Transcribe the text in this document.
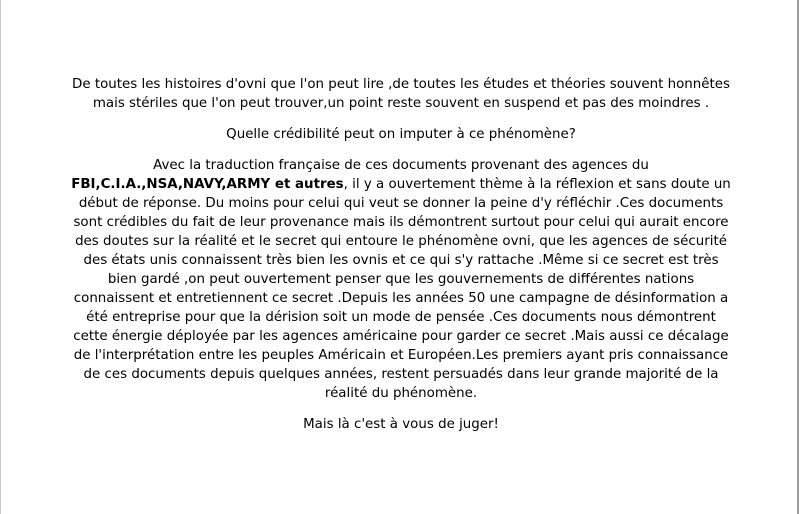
De toutes les histoires d'ovni que l'on peut lire ,de toutes les études et théories souvent honnêtes mais stériles que l'on peut trouver,un point reste souvent en suspend et pas des moindres .

Quelle crédibilité peut on imputer à ce phénomène?

Avec la traduction française de ces documents provenant des agences du
FBI,C.I.A.,NSA,NAVY,ARMY et autres, il y a ouvertement thème à la réflexion et sans doute un début de réponse. Du moins pour celui qui veut se donner la peine d'y réfléchir .Ces documents sont crédibles du fait de leur provenance mais ils démontrent surtout pour celui qui aurait encore des doutes sur la réalité et le secret qui entoure le phénomène ovni, que les agences de sécurité des états unis connaissent très bien les ovnis et ce qui s'y rattache .Même si ce secret est très bien gardé ,on peut ouvertement penser que les gouvernements de différentes nations connaissent et entretiennent ce secret .Depuis les années 50 une campagne de désinformation a été entreprise pour que la dérision soit un mode de pensée .Ces documents nous démontrent cette énergie déployée par les agences américaine pour garder ce secret .Mais aussi ce décalage de l'interprétation entre les peuples Américain et Européen.Les premiers ayant pris connaissance de ces documents depuis quelques années, restent persuadés dans leur grande majorité de la réalité du phénomène.

Mais là c'est à vous de juger!
